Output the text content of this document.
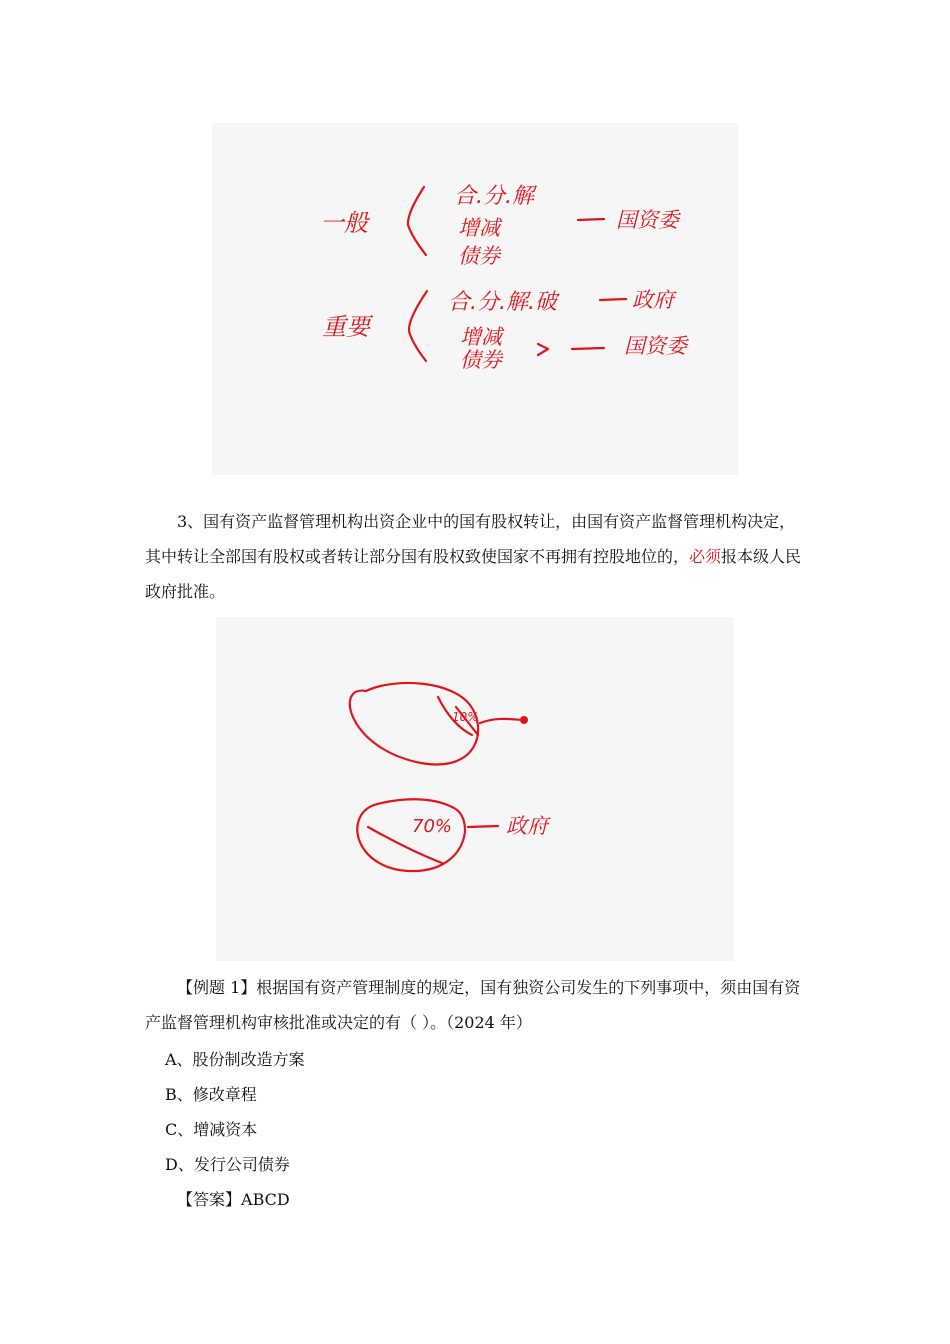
一般
合.分.解
增减
债券
国资委
重要
合.分.解.破	政府
增减
债券
国资委

3、国有资产监督管理机构出资企业中的国有股权转让，由国有资产监督管理机构决定，其中转让全部国有股权或者转让部分国有股权致使国家不再拥有控股地位的，必须报本级人民政府批准。

10%
70%	政府

【例题 1】根据国有资产管理制度的规定，国有独资公司发生的下列事项中，须由国有资产监督管理机构审核批准或决定的有（ ）。（2024 年）

A、股份制改造方案

B、修改章程

C、增减资本

D、发行公司债券

【答案】ABCD
